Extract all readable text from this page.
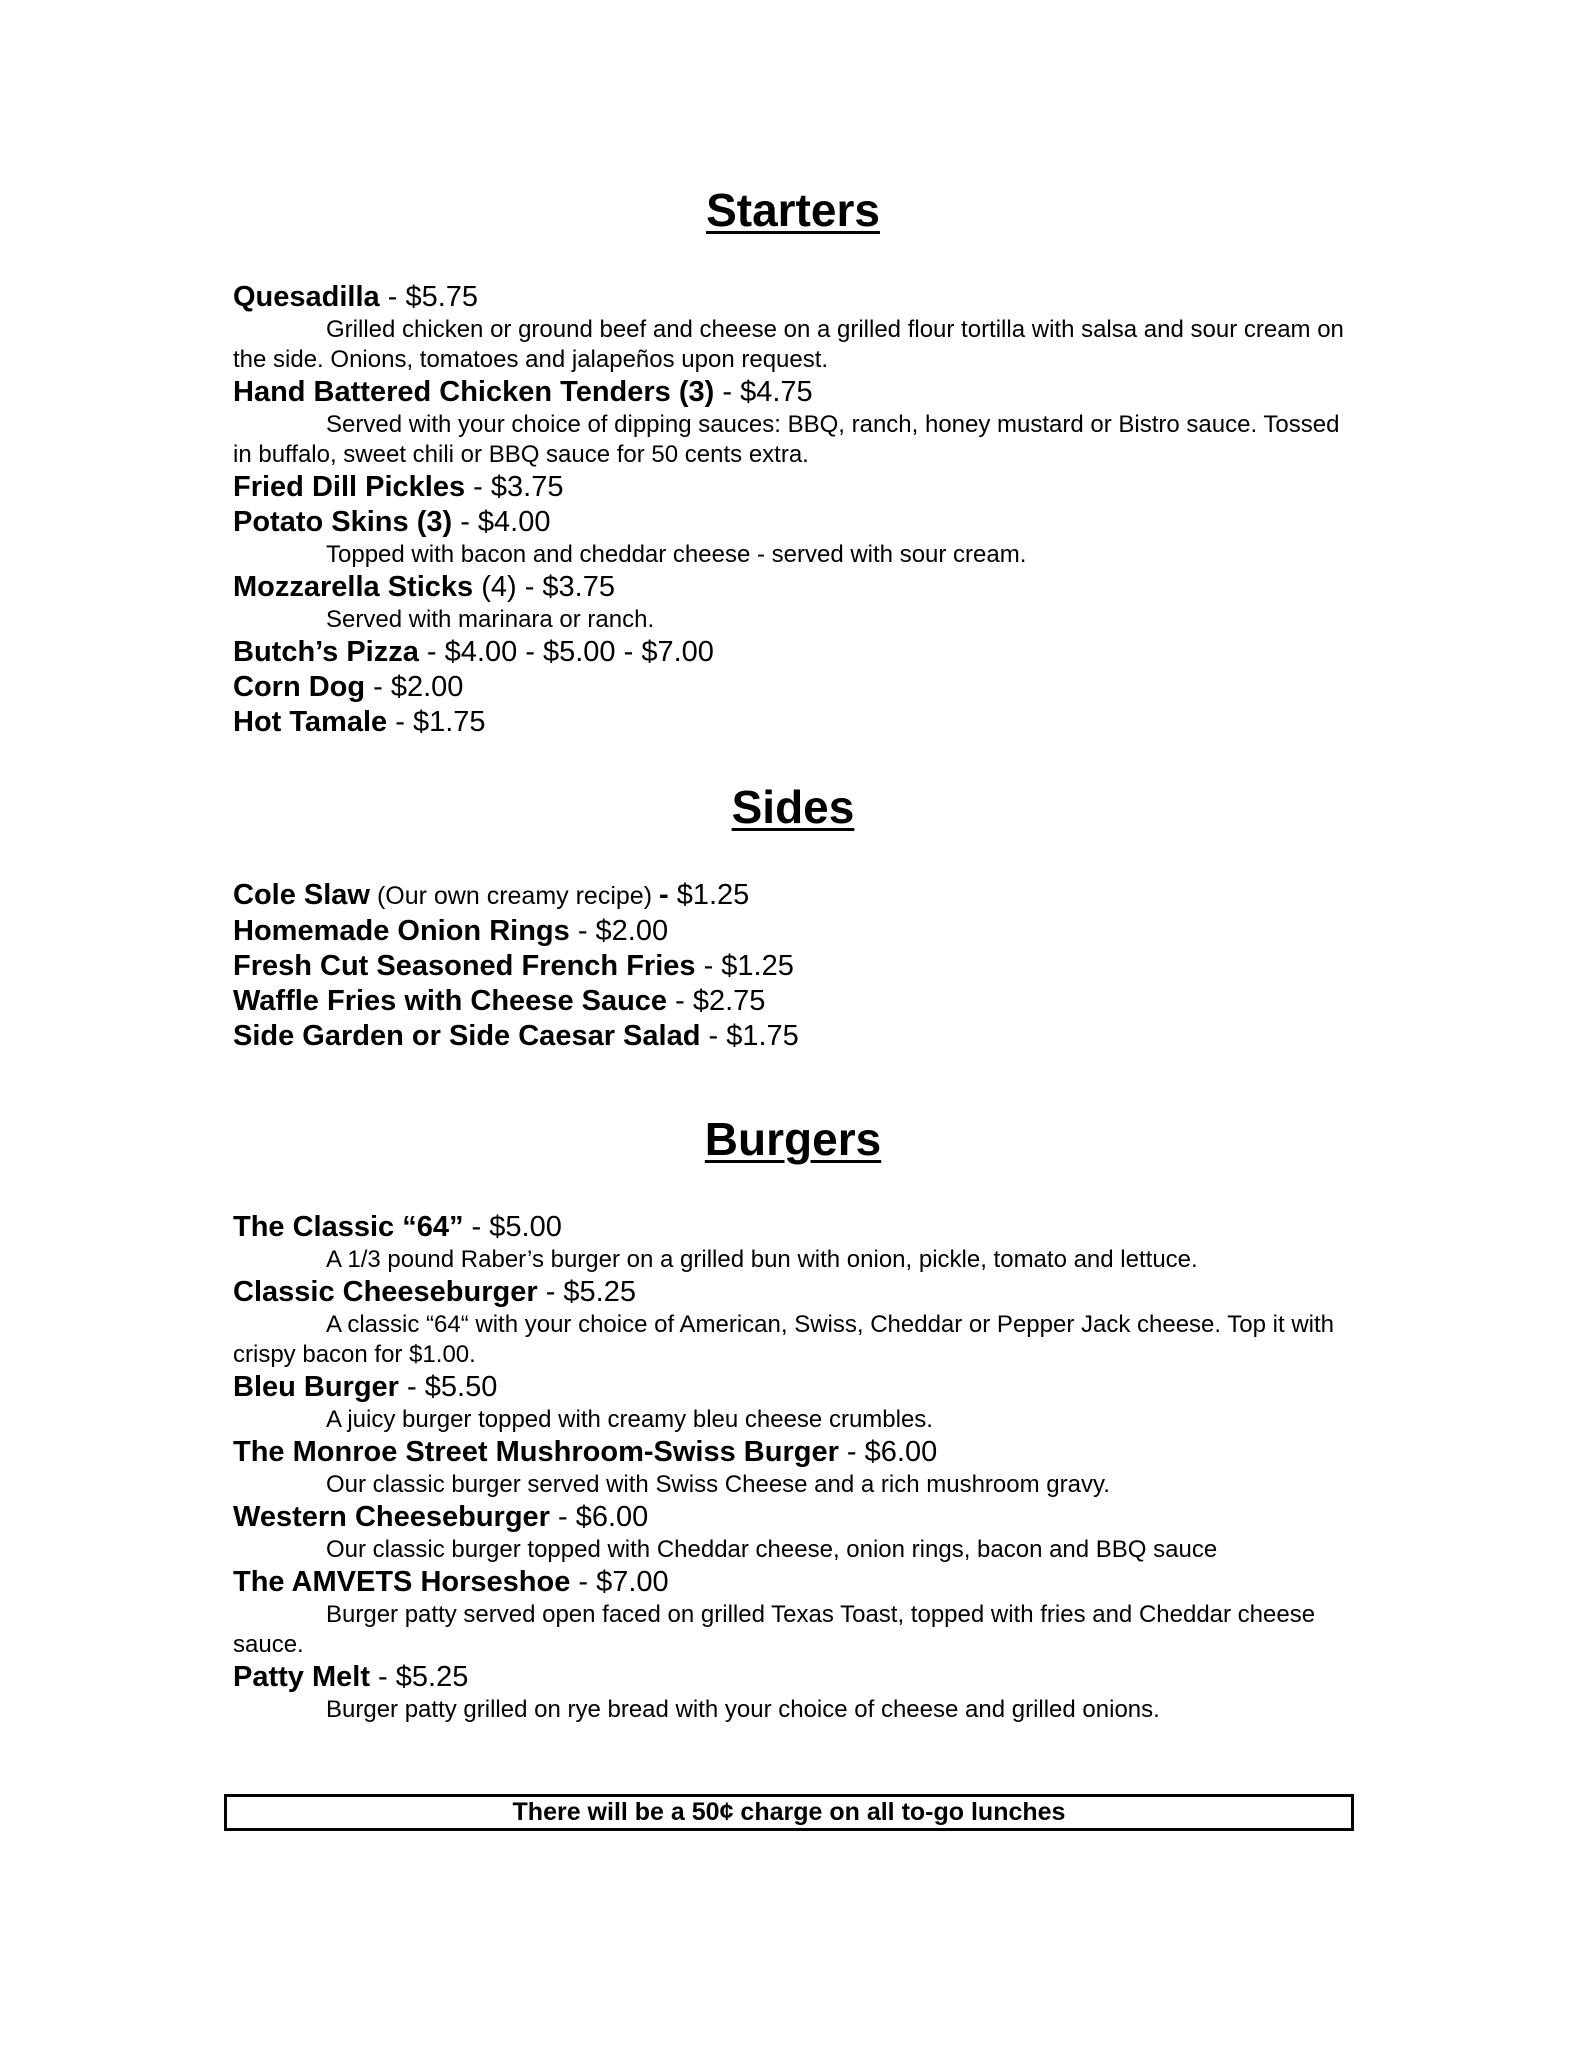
Starters
Quesadilla - $5.75

Grilled chicken or ground beef and cheese on a grilled flour tortilla with salsa and sour cream on the side. Onions, tomatoes and jalapeños upon request.

Hand Battered Chicken Tenders (3) - $4.75

Served with your choice of dipping sauces: BBQ, ranch, honey mustard or Bistro sauce. Tossed in buffalo, sweet chili or BBQ sauce for 50 cents extra.

Fried Dill Pickles - $3.75
Potato Skins (3) - $4.00

Topped with bacon and cheddar cheese - served with sour cream.

Mozzarella Sticks (4) - $3.75

Served with marinara or ranch.

Butch’s Pizza - $4.00 - $5.00 - $7.00
Corn Dog - $2.00
Hot Tamale - $1.75
Sides
Cole Slaw (Our own creamy recipe) - $1.25
Homemade Onion Rings - $2.00
Fresh Cut Seasoned French Fries - $1.25
Waffle Fries with Cheese Sauce - $2.75
Side Garden or Side Caesar Salad - $1.75
Burgers
The Classic “64” - $5.00

A 1/3 pound Raber’s burger on a grilled bun with onion, pickle, tomato and lettuce.

Classic Cheeseburger - $5.25

A classic “64“ with your choice of American, Swiss, Cheddar or Pepper Jack cheese. Top it with crispy bacon for $1.00.

Bleu Burger - $5.50

A juicy burger topped with creamy bleu cheese crumbles.

The Monroe Street Mushroom-Swiss Burger - $6.00

Our classic burger served with Swiss Cheese and a rich mushroom gravy.

Western Cheeseburger - $6.00

Our classic burger topped with Cheddar cheese, onion rings, bacon and BBQ sauce

The AMVETS Horseshoe - $7.00

Burger patty served open faced on grilled Texas Toast, topped with fries and Cheddar cheese sauce.

Patty Melt - $5.25

Burger patty grilled on rye bread with your choice of cheese and grilled onions.

There will be a 50¢ charge on all to-go lunches
